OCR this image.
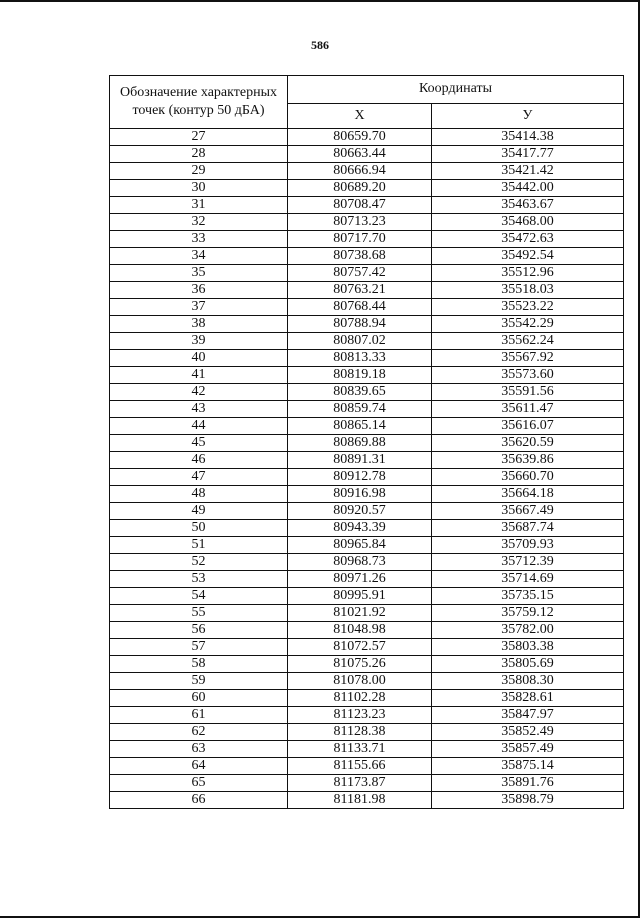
586
Обозначение характерных точек (контур 50 дБА)	Координаты	
	X	У
27	80659.70	35414.38
28	80663.44	35417.77
29	80666.94	35421.42
30	80689.20	35442.00
31	80708.47	35463.67
32	80713.23	35468.00
33	80717.70	35472.63
34	80738.68	35492.54
35	80757.42	35512.96
36	80763.21	35518.03
37	80768.44	35523.22
38	80788.94	35542.29
39	80807.02	35562.24
40	80813.33	35567.92
41	80819.18	35573.60
42	80839.65	35591.56
43	80859.74	35611.47
44	80865.14	35616.07
45	80869.88	35620.59
46	80891.31	35639.86
47	80912.78	35660.70
48	80916.98	35664.18
49	80920.57	35667.49
50	80943.39	35687.74
51	80965.84	35709.93
52	80968.73	35712.39
53	80971.26	35714.69
54	80995.91	35735.15
55	81021.92	35759.12
56	81048.98	35782.00
57	81072.57	35803.38
58	81075.26	35805.69
59	81078.00	35808.30
60	81102.28	35828.61
61	81123.23	35847.97
62	81128.38	35852.49
63	81133.71	35857.49
64	81155.66	35875.14
65	81173.87	35891.76
66	81181.98	35898.79
